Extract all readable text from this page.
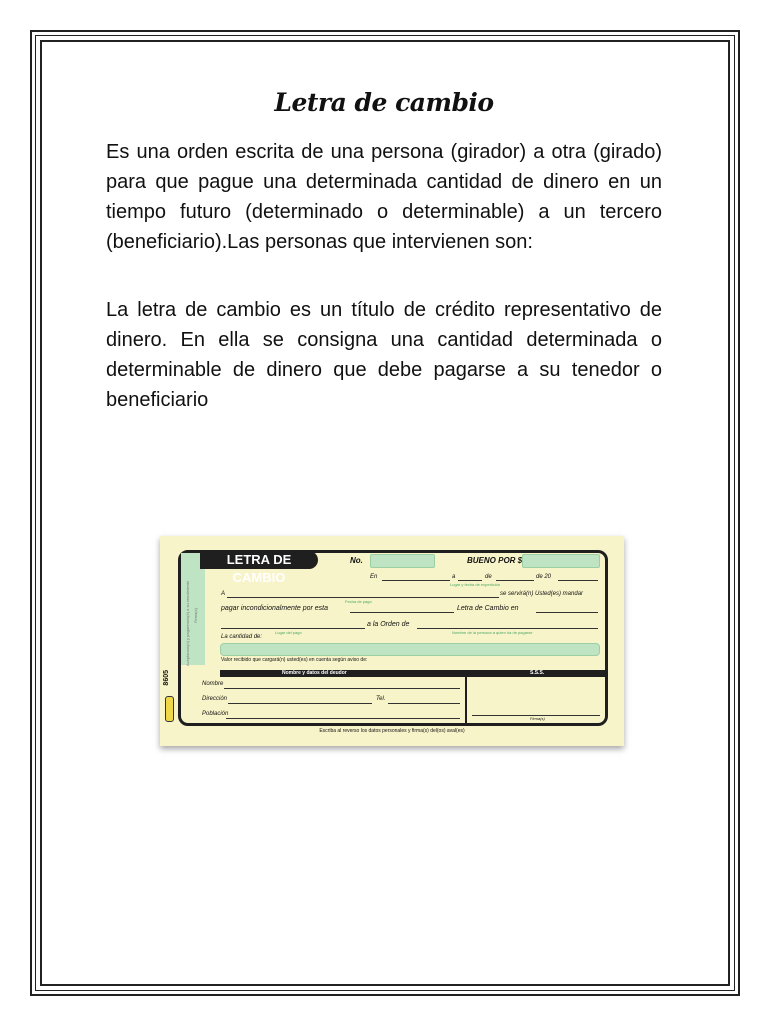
Letra de cambio

Es una orden escrita de una persona (girador) a otra (girado) para que pague una determinada cantidad de dinero en un tiempo futuro (determinado o determinable) a un tercero (beneficiario).Las personas que intervienen son:

La letra de cambio es un título de crédito representativo de dinero. En ella se consigna una cantidad determinada o determinable de dinero que debe pagarse a su tenedor o beneficiario

Aceptamos(o) y pagaremos(é) a su vencimiento Firma(s)
8605
LETRA DE CAMBIO
No.	BUENO POR $
En	a	de	de 20
Lugar y fecha de expedición
A	se servirá(n) Usted(es) mandar
Fecha de pago
pagar incondicionalmente por esta	Letra de Cambio en
a la Orden de
Lugar del pago	Nombre de la persona a quien ha de pagarse
La cantidad de:
Valor recibido que cargará(n) usted(es) en cuenta según aviso de:
Nombre y datos del deudor	S.S.S.
Nombre
Dirección	Tel.
Población
Firma(s)
Escriba al reverso los datos personales y firma(s) del(os) aval(es)
